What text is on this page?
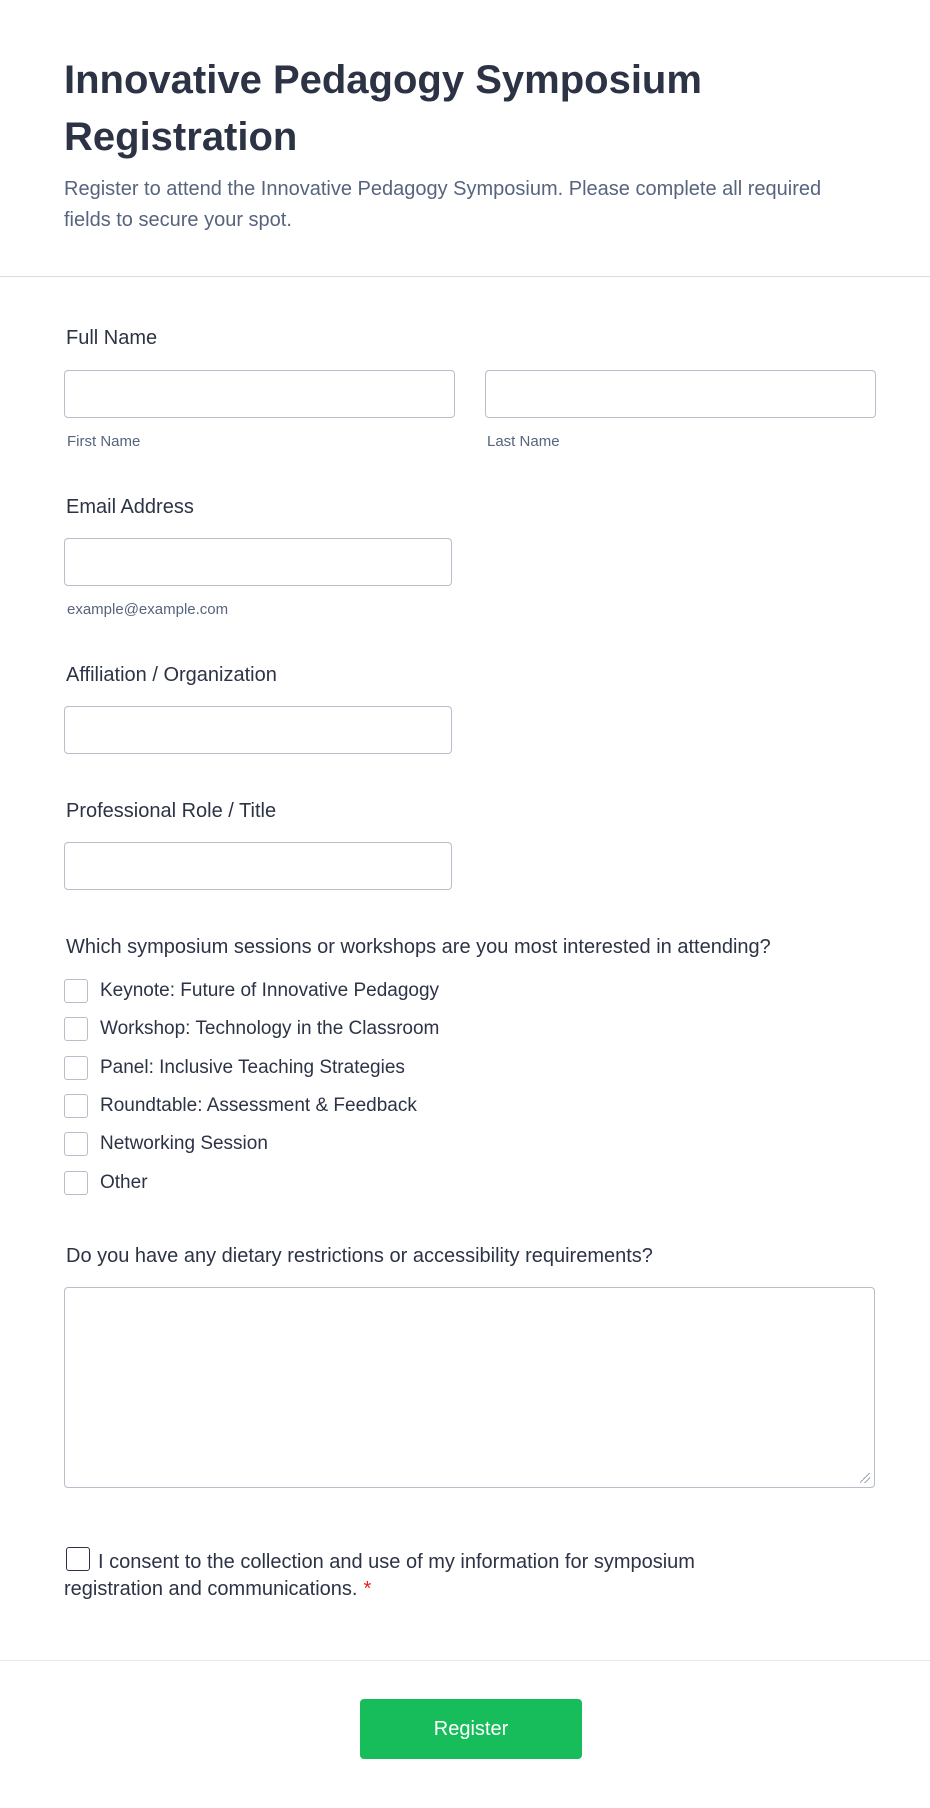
Innovative Pedagogy Symposium Registration

Register to attend the Innovative Pedagogy Symposium. Please complete all required fields to secure your spot.

Full Name
First Name	Last Name
Email Address
example@example.com
Affiliation / Organization
Professional Role / Title
Which symposium sessions or workshops are you most interested in attending?
Keynote: Future of Innovative Pedagogy
Workshop: Technology in the Classroom
Panel: Inclusive Teaching Strategies
Roundtable: Assessment & Feedback
Networking Session
Other
Do you have any dietary restrictions or accessibility requirements?
I consent to the collection and use of my information for symposium registration and communications. *
Register
